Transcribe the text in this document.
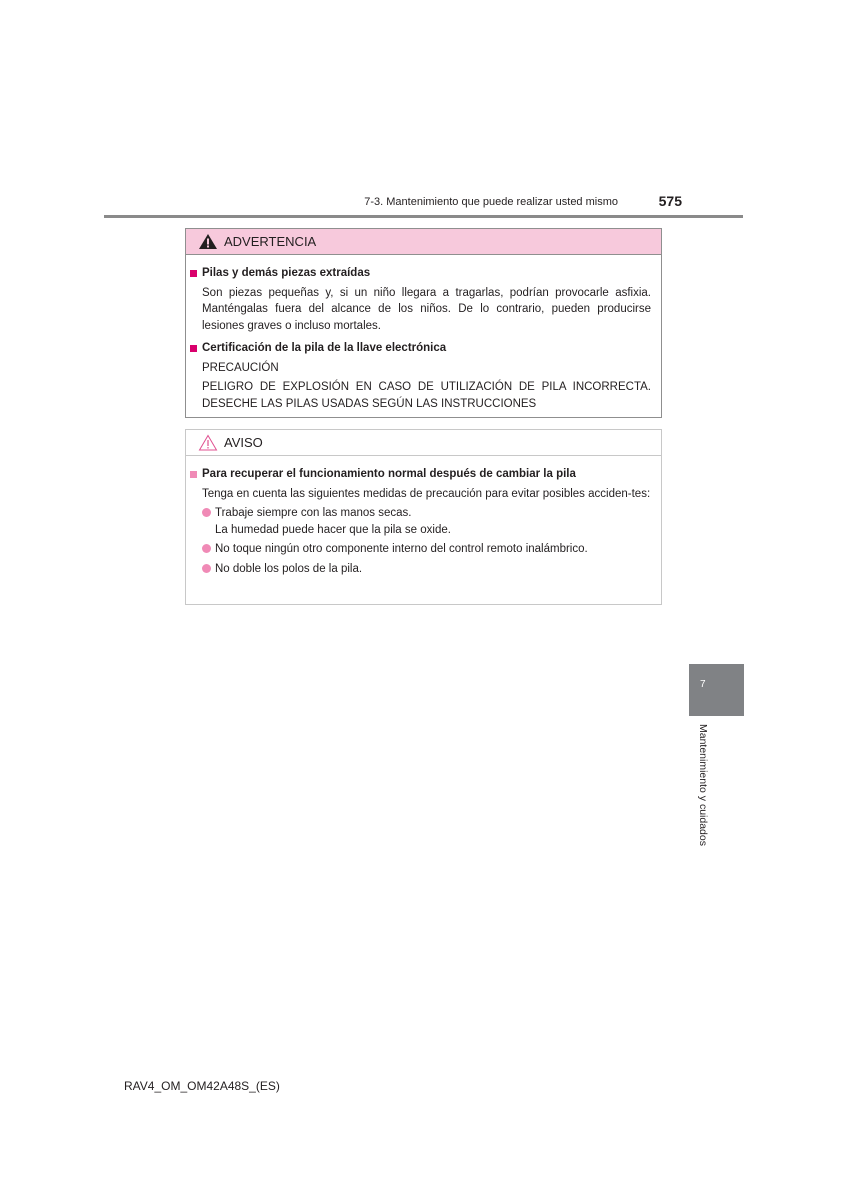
7-3. Mantenimiento que puede realizar usted mismo	575
ADVERTENCIA
Pilas y demás piezas extraídas
Son piezas pequeñas y, si un niño llegara a tragarlas, podrían provocarle asfixia. Manténgalas fuera del alcance de los niños. De lo contrario, pueden producirse lesiones graves o incluso mortales.
Certificación de la pila de la llave electrónica
PRECAUCIÓN
PELIGRO DE EXPLOSIÓN EN CASO DE UTILIZACIÓN DE PILA INCORRECTA. DESECHE LAS PILAS USADAS SEGÚN LAS INSTRUCCIONES
AVISO
Para recuperar el funcionamiento normal después de cambiar la pila
Tenga en cuenta las siguientes medidas de precaución para evitar posibles acciden-tes:
Trabaje siempre con las manos secas.
La humedad puede hacer que la pila se oxide.
No toque ningún otro componente interno del control remoto inalámbrico.
No doble los polos de la pila.
7
Mantenimiento y cuidados
RAV4_OM_OM42A48S_(ES)
